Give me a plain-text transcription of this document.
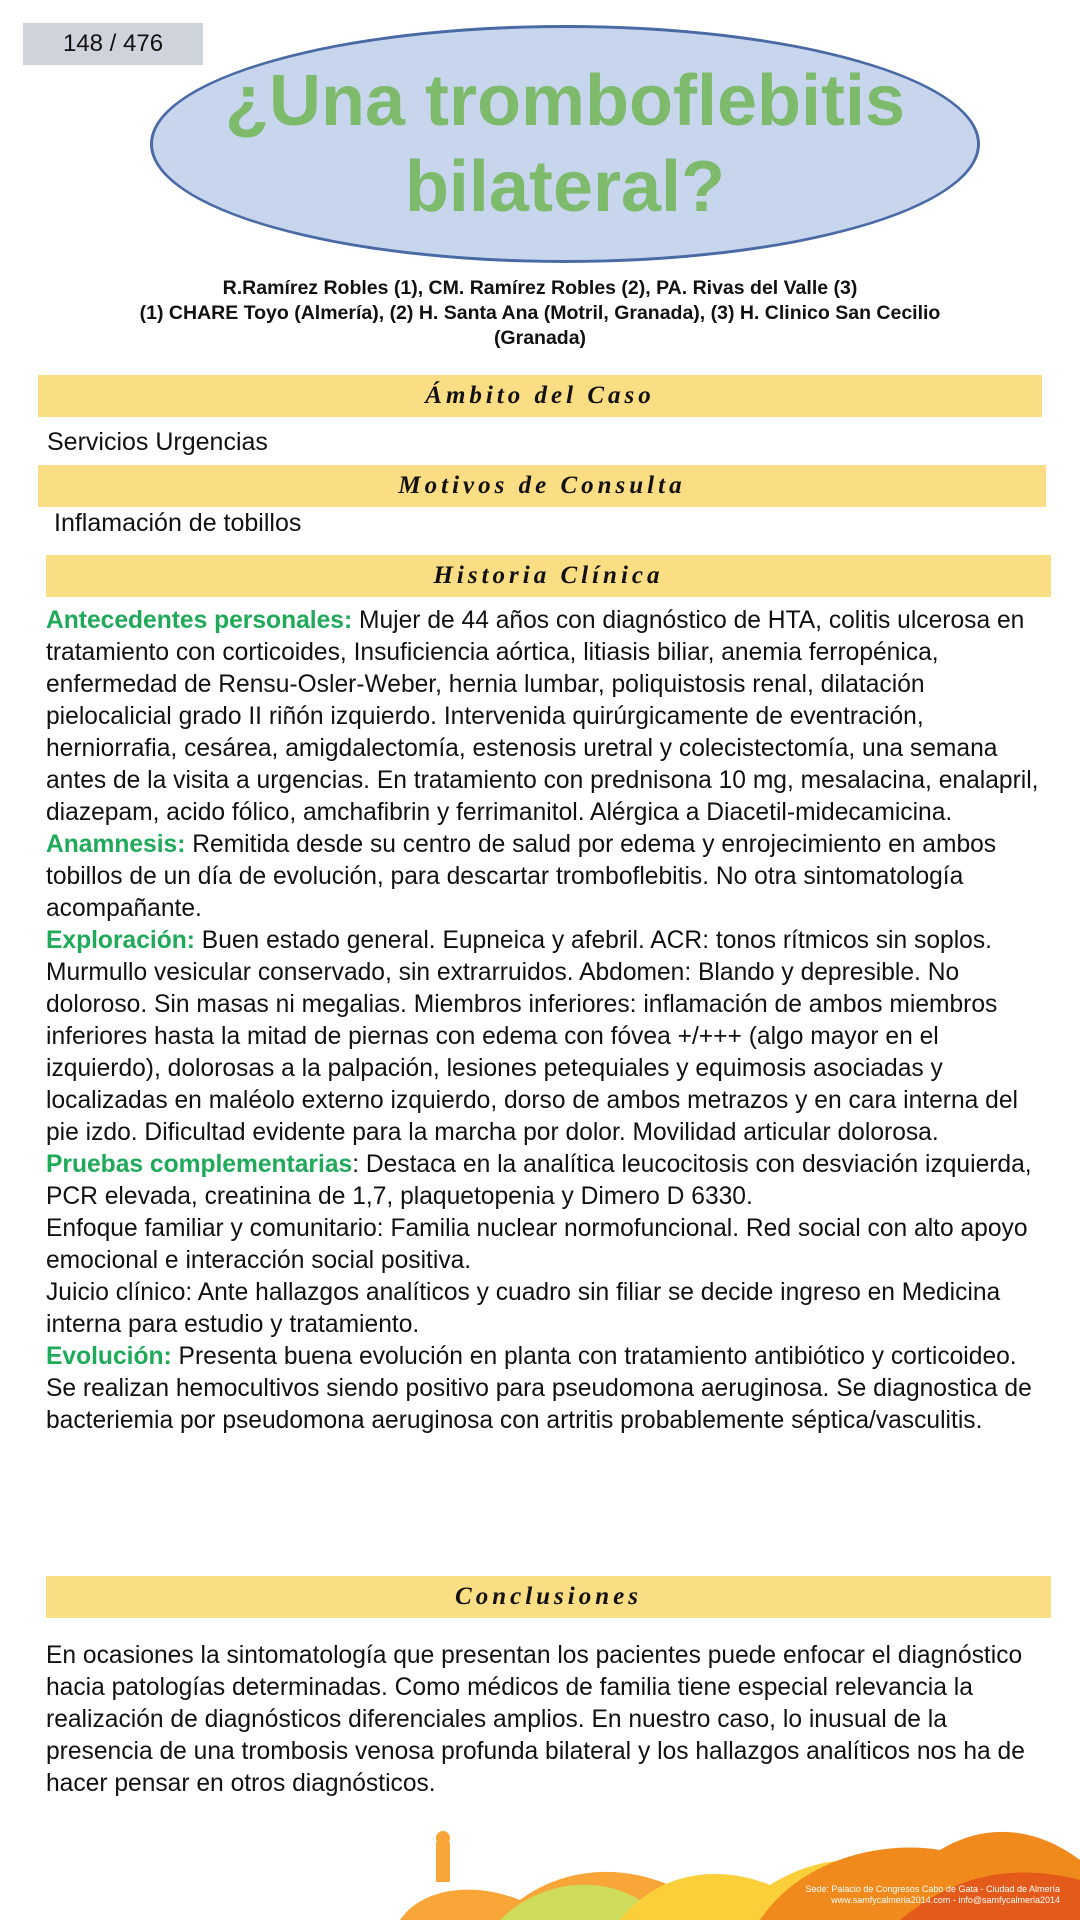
148 / 476
¿Una tromboflebitis bilateral?
R.Ramírez Robles (1), CM. Ramírez Robles (2), PA. Rivas del Valle (3)
(1) CHARE Toyo (Almería), (2) H. Santa Ana (Motril, Granada), (3) H. Clinico San Cecilio
(Granada)
Ámbito del Caso

Servicios Urgencias

Motivos de Consulta

Inflamación de tobillos

Historia Clínica

Antecedentes personales: Mujer de 44 años con diagnóstico de HTA, colitis ulcerosa en tratamiento con corticoides, Insuficiencia aórtica, litiasis biliar, anemia ferropénica, enfermedad de Rensu-Osler-Weber, hernia lumbar, poliquistosis renal, dilatación pielocalicial grado II riñón izquierdo. Intervenida quirúrgicamente de eventración, herniorrafia, cesárea, amigdalectomía, estenosis uretral y colecistectomía, una semana antes de la visita a urgencias. En tratamiento con prednisona 10 mg, mesalacina, enalapril, diazepam, acido fólico, amchafibrin y ferrimanitol. Alérgica a Diacetil-midecamicina.

Anamnesis: Remitida desde su centro de salud por edema y enrojecimiento en ambos tobillos de un día de evolución, para descartar tromboflebitis. No otra sintomatología acompañante.

Exploración: Buen estado general. Eupneica y afebril. ACR: tonos rítmicos sin soplos. Murmullo vesicular conservado, sin extrarruidos. Abdomen: Blando y depresible. No doloroso. Sin masas ni megalias. Miembros inferiores: inflamación de ambos miembros inferiores hasta la mitad de piernas con edema con fóvea +/+++ (algo mayor en el izquierdo), dolorosas a la palpación, lesiones petequiales y equimosis asociadas y localizadas en maléolo externo izquierdo, dorso de ambos metrazos y en cara interna del pie izdo. Dificultad evidente para la marcha por dolor. Movilidad articular dolorosa.

Pruebas complementarias: Destaca en la analítica leucocitosis con desviación izquierda, PCR elevada, creatinina de 1,7, plaquetopenia y Dimero D 6330.

Enfoque familiar y comunitario: Familia nuclear normofuncional. Red social con alto apoyo emocional e interacción social positiva.

Juicio clínico: Ante hallazgos analíticos y cuadro sin filiar se decide ingreso en Medicina interna para estudio y tratamiento.

Evolución: Presenta buena evolución en planta con tratamiento antibiótico y corticoideo. Se realizan hemocultivos siendo positivo para pseudomona aeruginosa. Se diagnostica de bacteriemia por pseudomona aeruginosa con artritis probablemente séptica/vasculitis.

Conclusiones

En ocasiones la sintomatología que presentan los pacientes puede enfocar el diagnóstico hacia patologías determinadas. Como médicos de familia tiene especial relevancia la realización de diagnósticos diferenciales amplios. En nuestro caso, lo inusual de la presencia de una trombosis venosa profunda bilateral y los hallazgos analíticos nos ha de hacer pensar en otros diagnósticos.

Sede: Palacio de Congresos Cabo de Gata - Ciudad de Almería
www.samfycalmeria2014.com - info@samfycalmeria2014
